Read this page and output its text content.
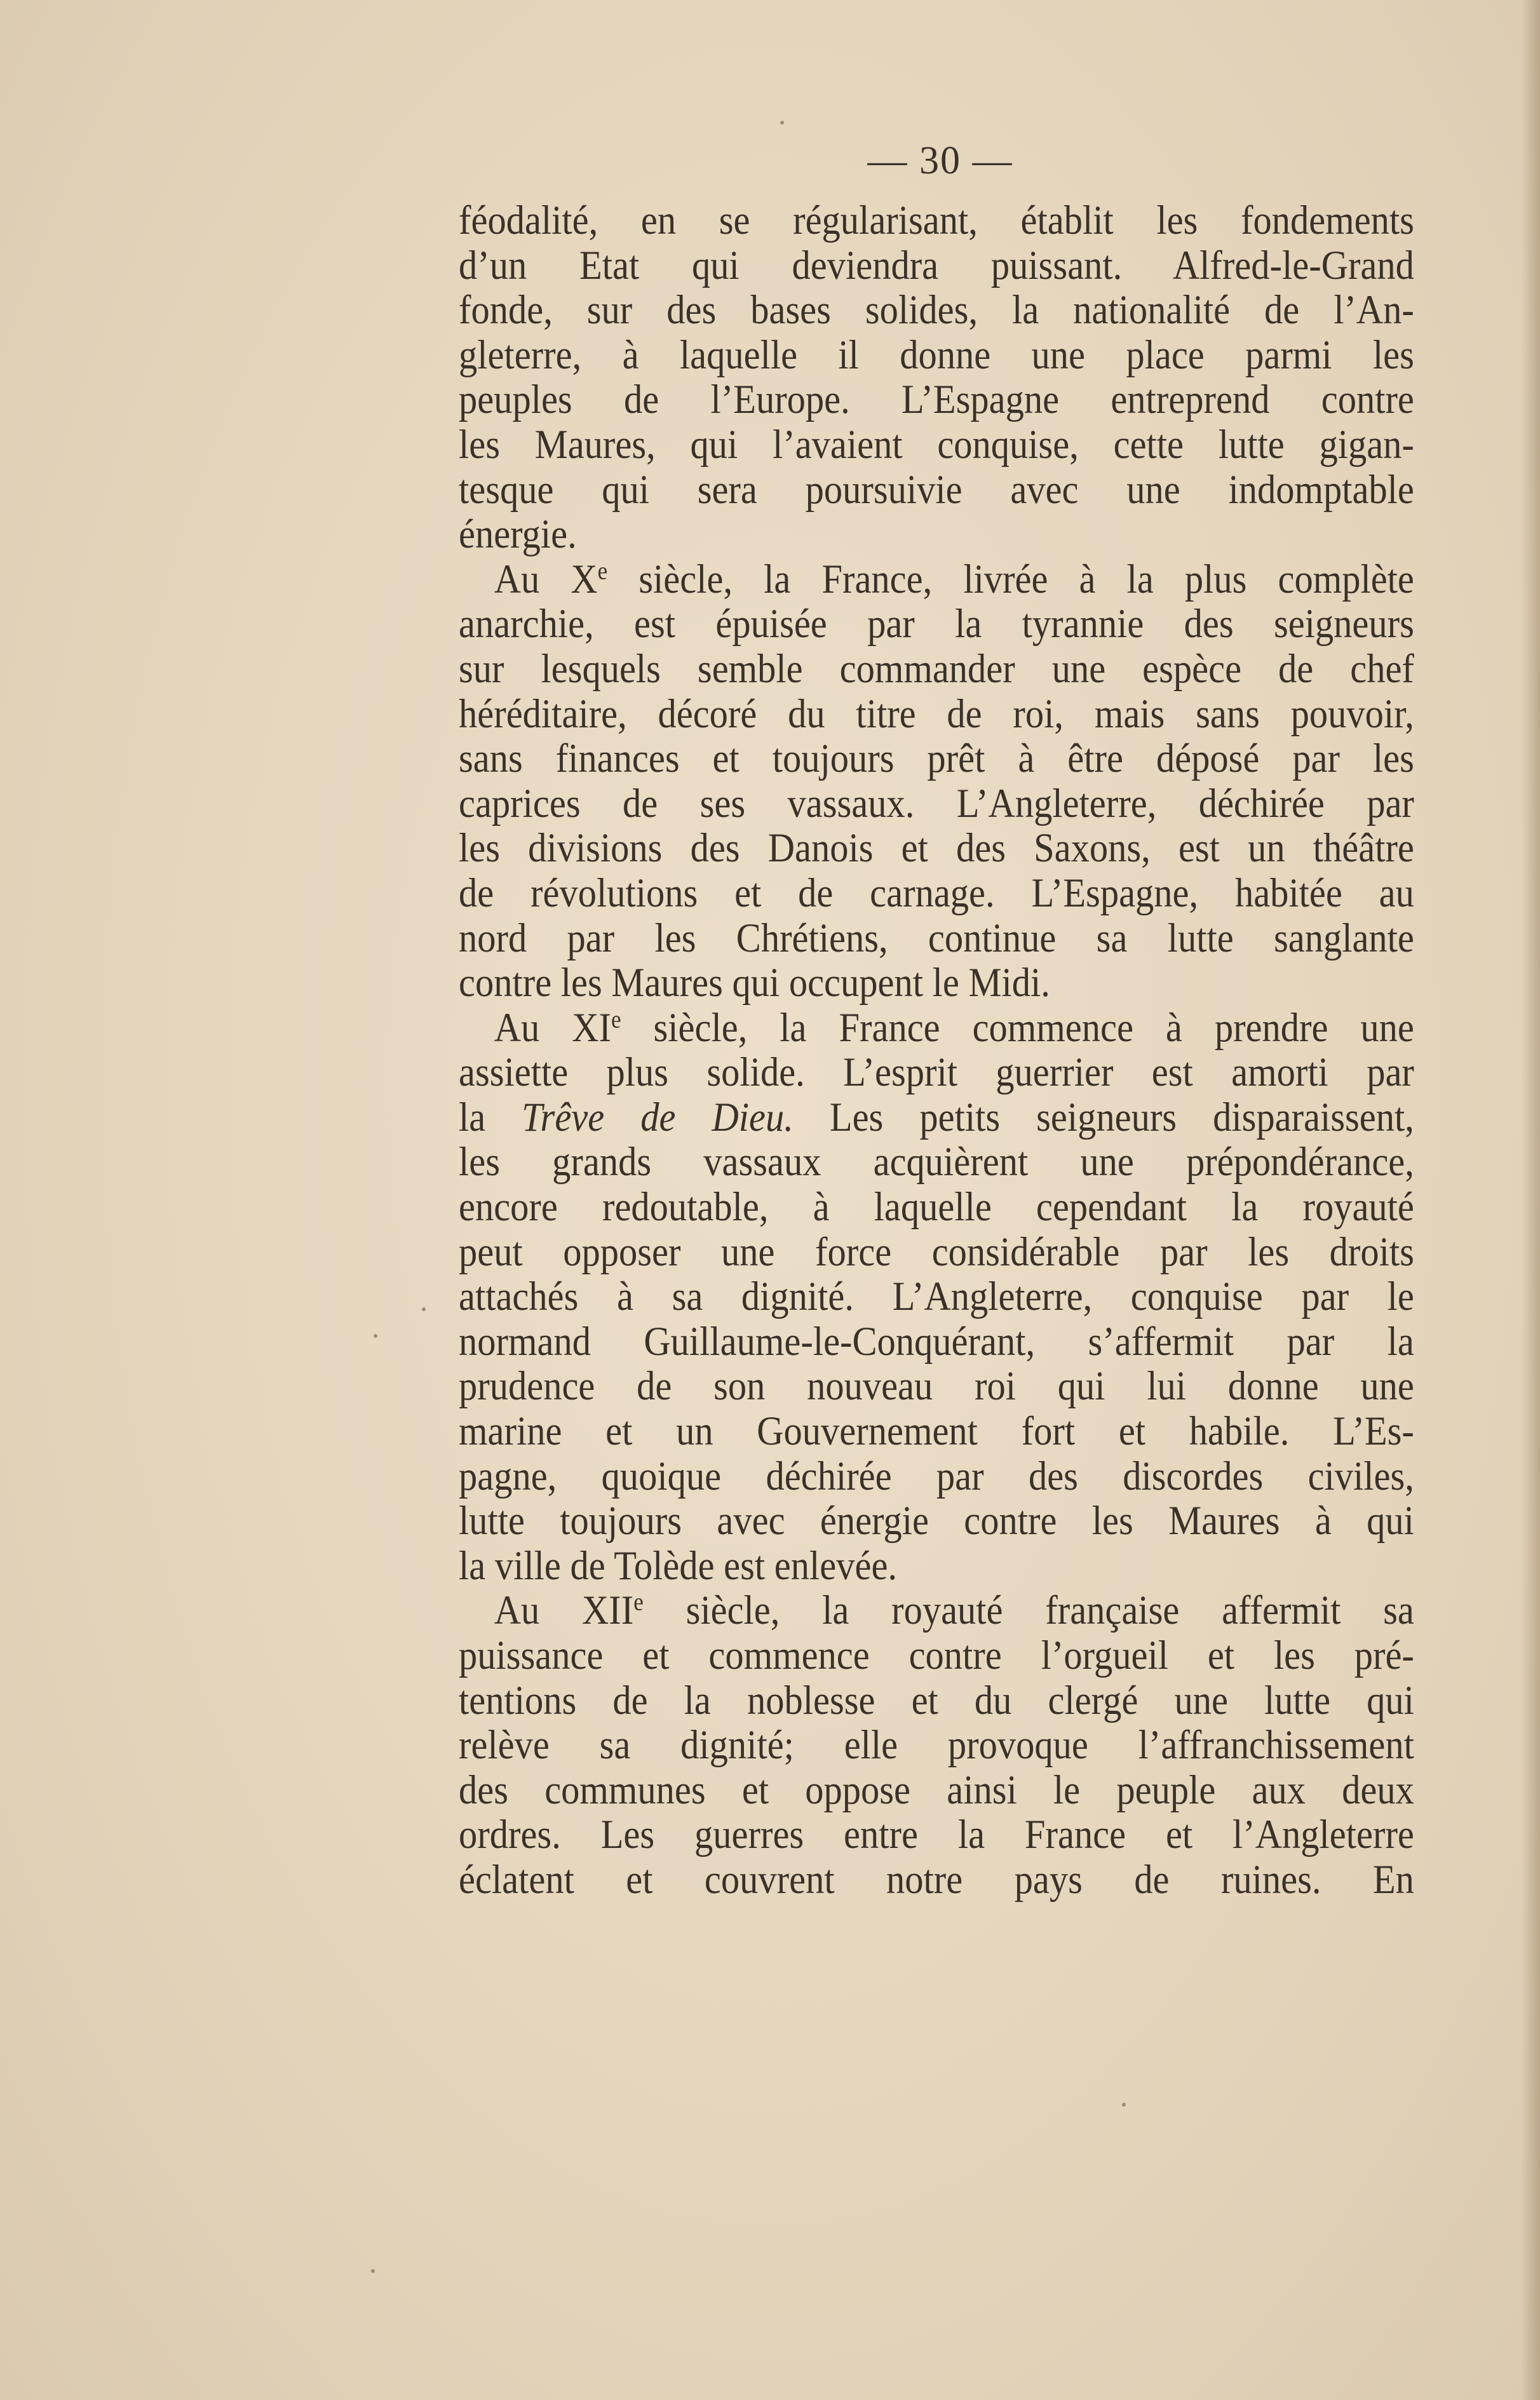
— 30 —
féodalité, en se régularisant, établit les fondements
d’un Etat qui deviendra puissant. Alfred-le-Grand
fonde, sur des bases solides, la nationalité de l’An-
gleterre, à laquelle il donne une place parmi les
peuples de l’Europe. L’Espagne entreprend contre
les Maures, qui l’avaient conquise, cette lutte gigan-
tesque qui sera poursuivie avec une indomptable
énergie.
Au Xe siècle, la France, livrée à la plus complète
anarchie, est épuisée par la tyrannie des seigneurs
sur lesquels semble commander une espèce de chef
héréditaire, décoré du titre de roi, mais sans pouvoir,
sans finances et toujours prêt à être déposé par les
caprices de ses vassaux. L’Angleterre, déchirée par
les divisions des Danois et des Saxons, est un théâtre
de révolutions et de carnage. L’Espagne, habitée au
nord par les Chrétiens, continue sa lutte sanglante
contre les Maures qui occupent le Midi.
Au XIe siècle, la France commence à prendre une
assiette plus solide. L’esprit guerrier est amorti par
la Trêve de Dieu. Les petits seigneurs disparaissent,
les grands vassaux acquièrent une prépondérance,
encore redoutable, à laquelle cependant la royauté
peut opposer une force considérable par les droits
attachés à sa dignité. L’Angleterre, conquise par le
normand Guillaume-le-Conquérant, s’affermit par la
prudence de son nouveau roi qui lui donne une
marine et un Gouvernement fort et habile. L’Es-
pagne, quoique déchirée par des discordes civiles,
lutte toujours avec énergie contre les Maures à qui
la ville de Tolède est enlevée.
Au XIIe siècle, la royauté française affermit sa
puissance et commence contre l’orgueil et les pré-
tentions de la noblesse et du clergé une lutte qui
relève sa dignité; elle provoque l’affranchissement
des communes et oppose ainsi le peuple aux deux
ordres. Les guerres entre la France et l’Angleterre
éclatent et couvrent notre pays de ruines. En
